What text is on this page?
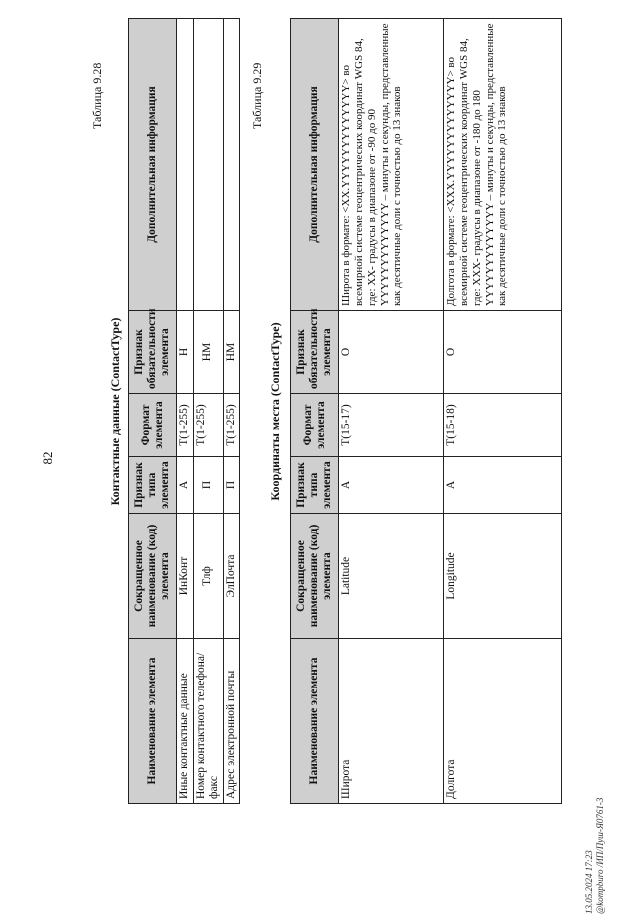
82
Таблица 9.28
Контактные данные (ContactType)
Наименование элемента	Сокращенное наименование (код) элемента	Признак типа элемента	Формат элемента	Признак обязательности элемента	Дополнительная информация
Иные контактные данные	ИнКонт	А	T(1-255)	Н	
Номер контактного телефона/факс	Тлф	П	T(1-255)	НМ	
Адрес электронной почты	ЭлПочта	П	T(1-255)	НМ	
Таблица 9.29
Координаты места (ContactType)
Наименование элемента	Сокращенное наименование (код) элемента	Признак типа элемента	Формат элемента	Признак обязательности элемента	Дополнительная информация
Широта	Latitude	А	T(15-17)	О	Широта в формате: <XX.YYYYYYYYYYYYY> во всемирной системе геоцентрических координат WGS 84, где: XX- градусы в диапазоне от -90 до 90 YYYYYYYYYYYYY – минуты и секунды, представленные как десятичные доли с точностью до 13 знаков
Долгота	Longitude	А	T(15-18)	О	Долгота в формате: <XXX.YYYYYYYYYYYYY> во всемирной системе геоцентрических координат WGS 84, где: XXX- градусы в диапазоне от -180 до 180 YYYYYYYYYYYYY – минуты и секунды, представленные как десятичные доли с точностью до 13 знаков
13.05.2024 17:23 @kompburo /ИП/Пуш-Я0761-3
